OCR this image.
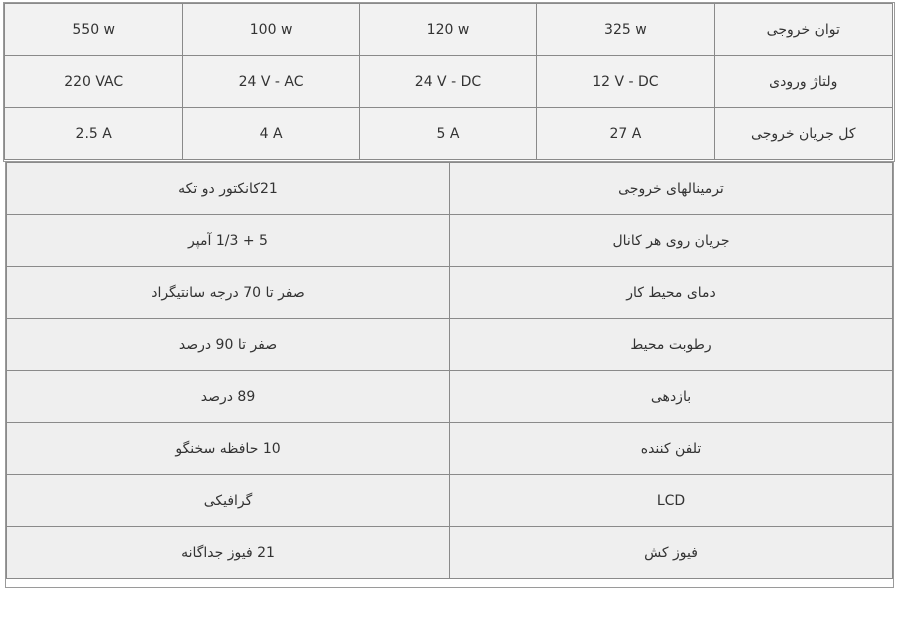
550 w	100 w	120 w	325 w	توان خروجی
220 VAC	24 V - AC	24 V - DC	12 V - DC	ولتاژ ورودی
2.5 A	4 A	5 A	27 A	کل جریان خروجی
21کانکتور دو تکه	ترمینالهای خروجی
5 + 1/3 آمپر	جریان روی هر کانال
صفر تا 70 درجه سانتیگراد	دمای محیط کار
صفر تا 90 درصد	رطوبت محیط
89 درصد	بازدهی
10 حافظه سخنگو	تلفن کننده
گرافیکی	LCD
21 فیوز جداگانه	فیوز کش
